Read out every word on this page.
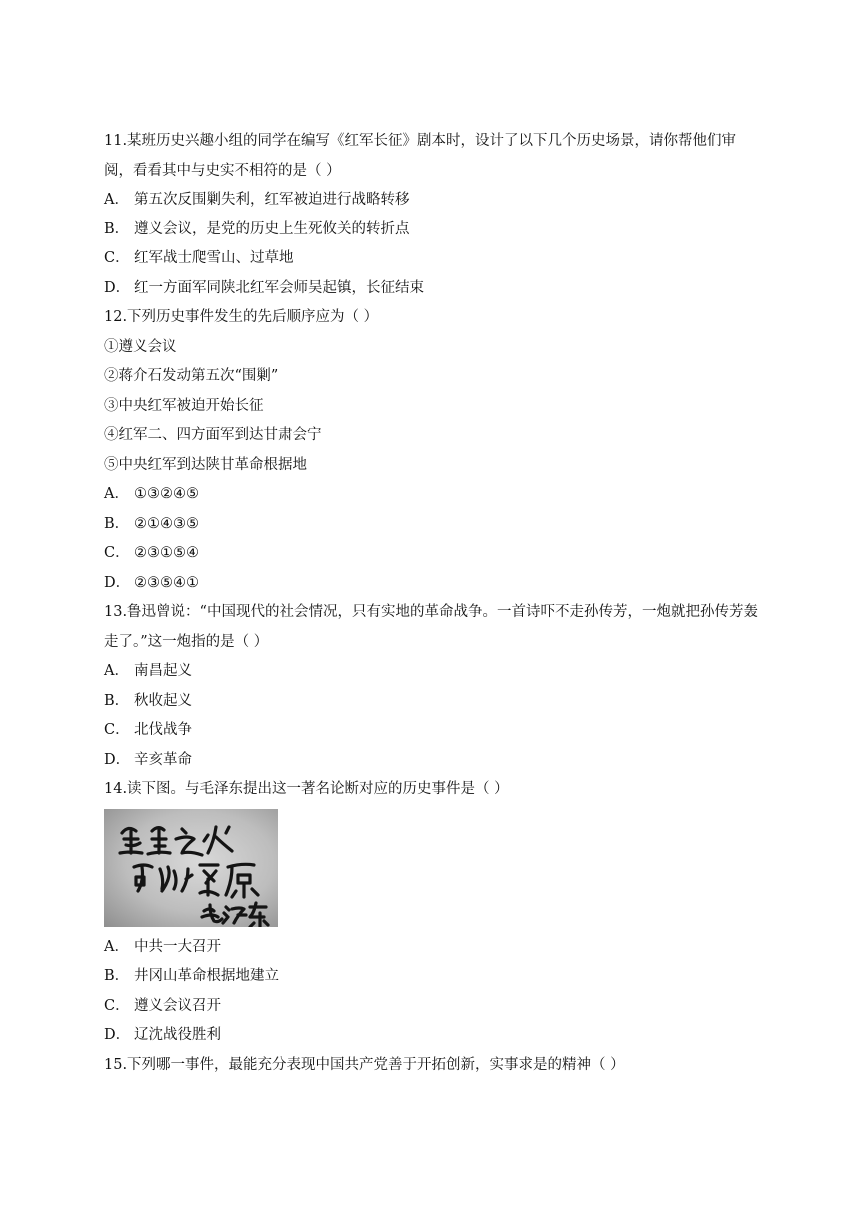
11.某班历史兴趣小组的同学在编写《红军长征》剧本时，设计了以下几个历史场景，请你帮他们审阅，看看其中与史实不相符的是（ ）
A． 第五次反围剿失利，红军被迫进行战略转移
B． 遵义会议，是党的历史上生死攸关的转折点
C． 红军战士爬雪山、过草地
D． 红一方面军同陕北红军会师吴起镇，长征结束
12.下列历史事件发生的先后顺序应为（ ）
①遵义会议
②蒋介石发动第五次“围剿”
③中央红军被迫开始长征
④红军二、四方面军到达甘肃会宁
⑤中央红军到达陕甘革命根据地
A． ①③②④⑤
B． ②①④③⑤
C． ②③①⑤④
D． ②③⑤④①
13.鲁迅曾说：“中国现代的社会情况，只有实地的革命战争。一首诗吓不走孙传芳，一炮就把孙传芳轰走了。”这一炮指的是（ ）
A． 南昌起义
B． 秋收起义
C． 北伐战争
D． 辛亥革命
14.读下图。与毛泽东提出这一著名论断对应的历史事件是（ ）
A． 中共一大召开
B． 井冈山革命根据地建立
C． 遵义会议召开
D． 辽沈战役胜利
15.下列哪一事件，最能充分表现中国共产党善于开拓创新，实事求是的精神（ ）
